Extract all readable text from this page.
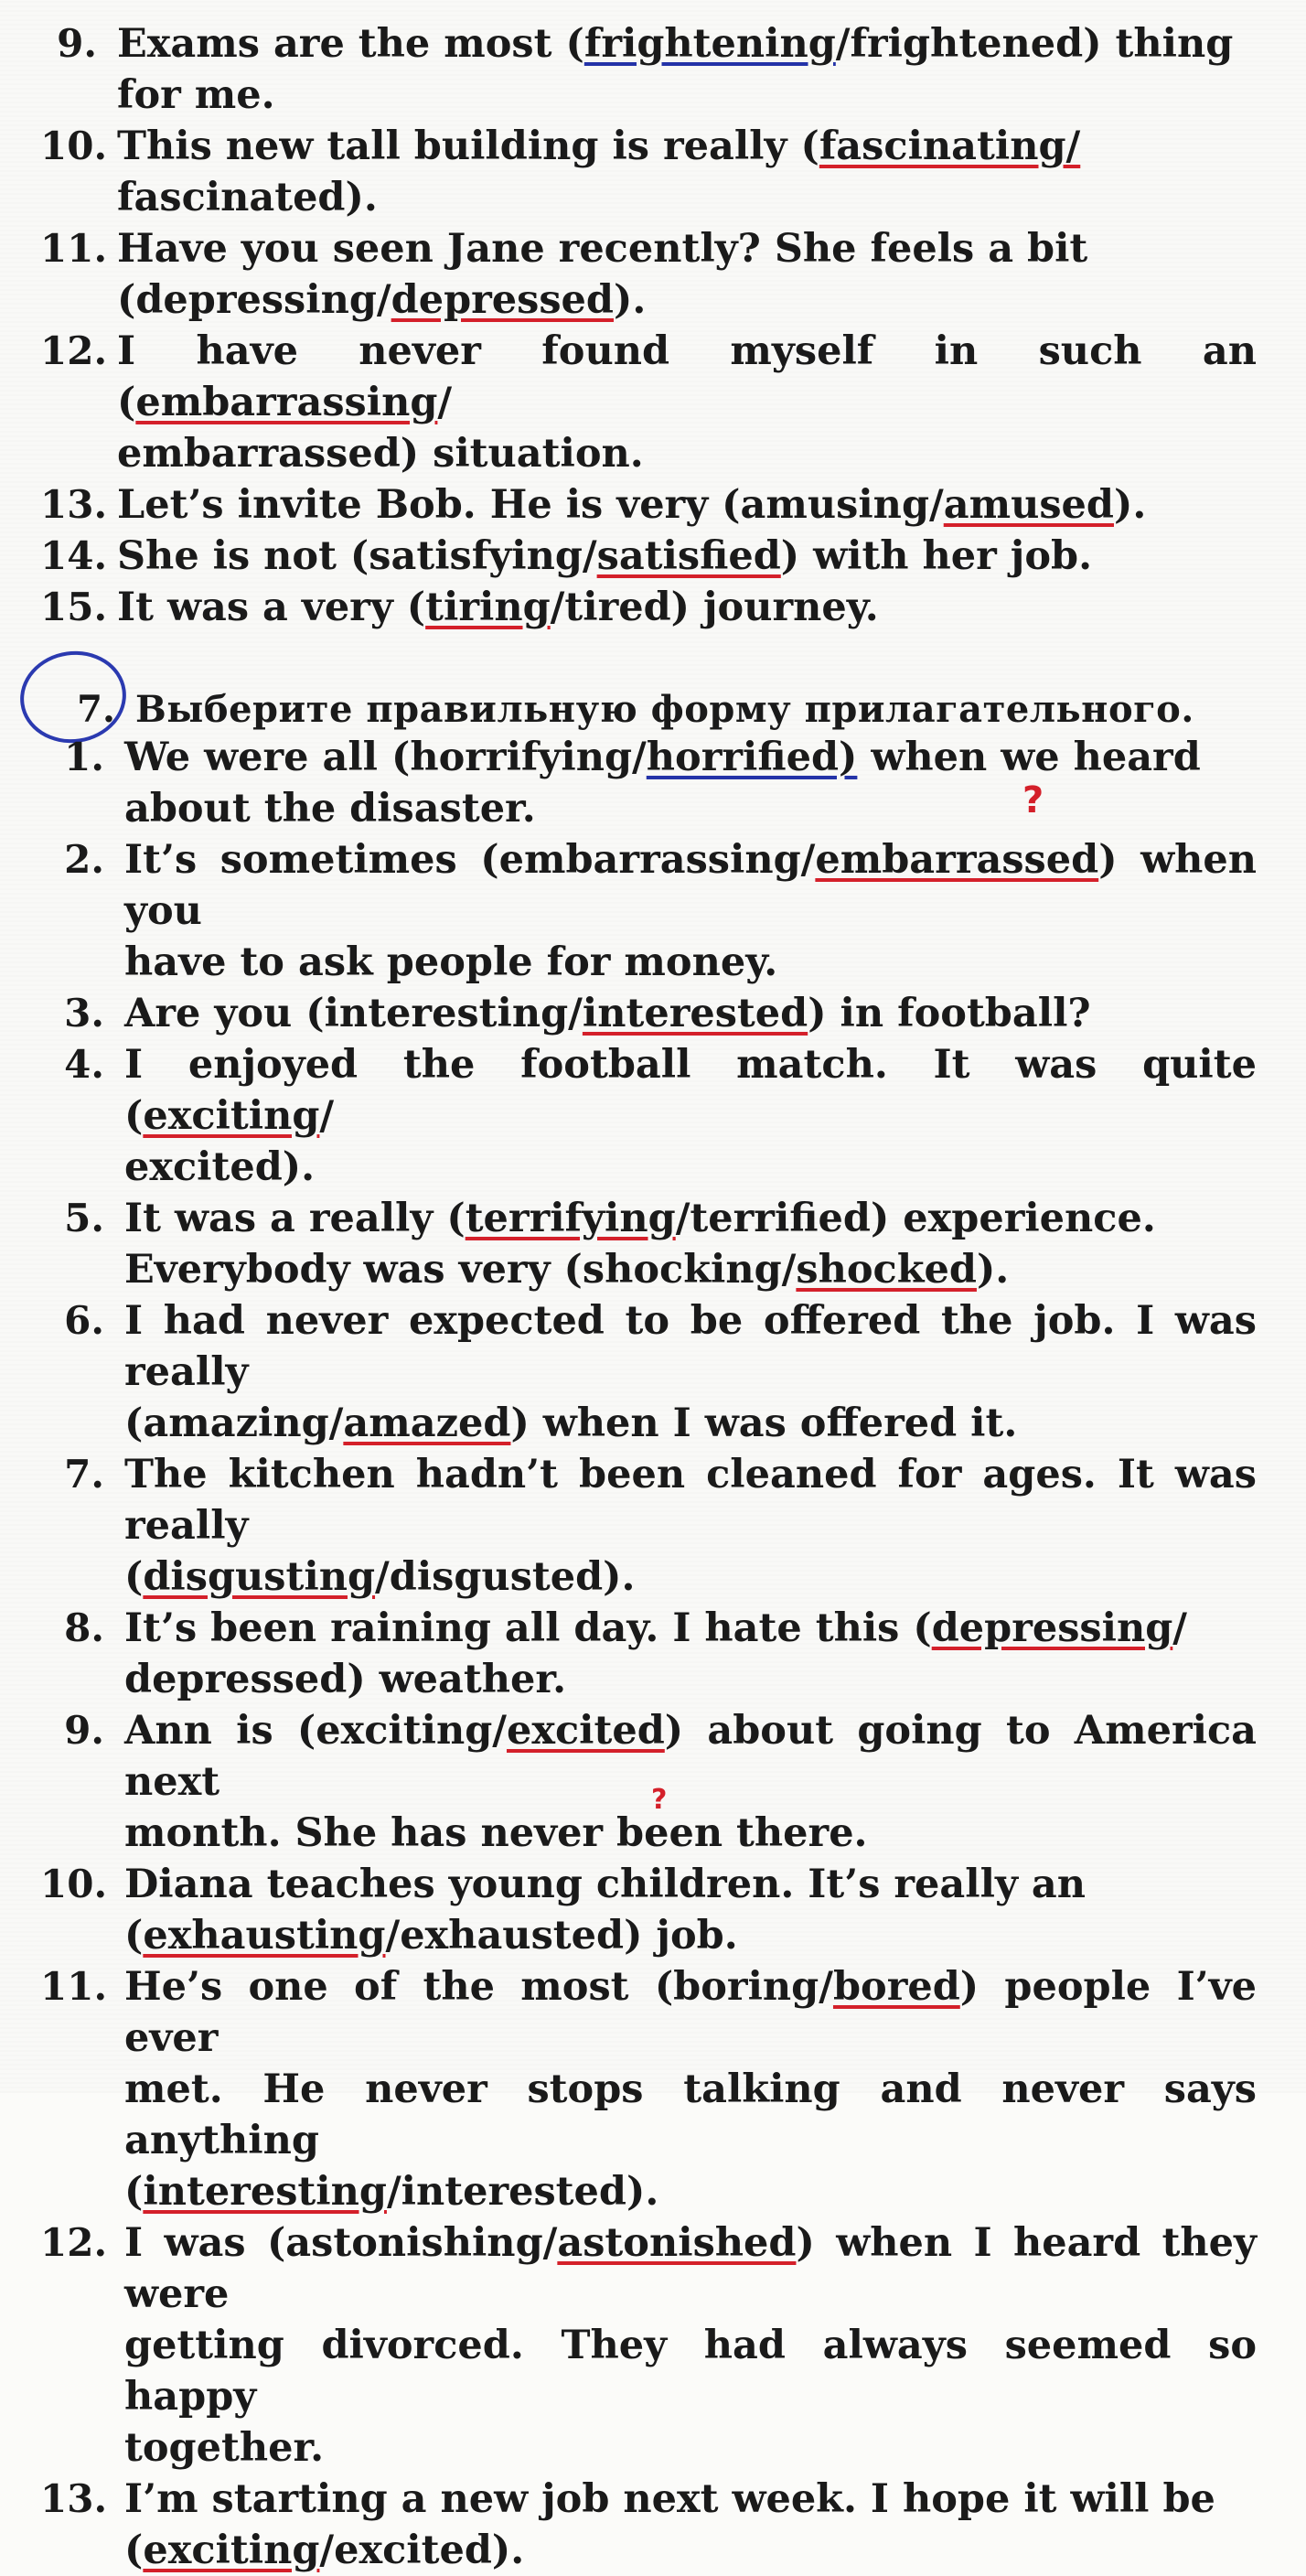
9. Exams are the most (frightening/frightened) thing
for me.
10. This new tall building is really (fascinating/
fascinated).
11. Have you seen Jane recently? She feels a bit
(depressing/depressed).
12. I have never found myself in such an (embarrassing/
embarrassed) situation.
13. Let’s invite Bob. He is very (amusing/amused).
14. She is not (satisfying/satisfied) with her job.
15. It was a very (tiring/tired) journey.
7. Выберите правильную форму прилагательного.
1. We were all (horrifying/horrified) when we heard
about the disaster.
2. It’s sometimes (embarrassing/embarrassed) when you
have to ask people for money.
3. Are you (interesting/interested) in football?
4. I enjoyed the football match. It was quite (exciting/
excited).
5. It was a really (terrifying/terrified) experience.
Everybody was very (shocking/shocked).
6. I had never expected to be offered the job. I was really
(amazing/amazed) when I was offered it.
7. The kitchen hadn’t been cleaned for ages. It was really
(disgusting/disgusted).
8. It’s been raining all day. I hate this (depressing/
depressed) weather.
9. Ann is (exciting/excited) about going to America next
month. She has never been there.
10. Diana teaches young children. It’s really an
(exhausting/exhausted) job.
11. He’s one of the most (boring/bored) people I’ve ever
met. He never stops talking and never says anything
(interesting/interested).
12. I was (astonishing/astonished) when I heard they were
getting divorced. They had always seemed so happy
together.
13. I’m starting a new job next week. I hope it will be
(exciting/excited).
?
?
